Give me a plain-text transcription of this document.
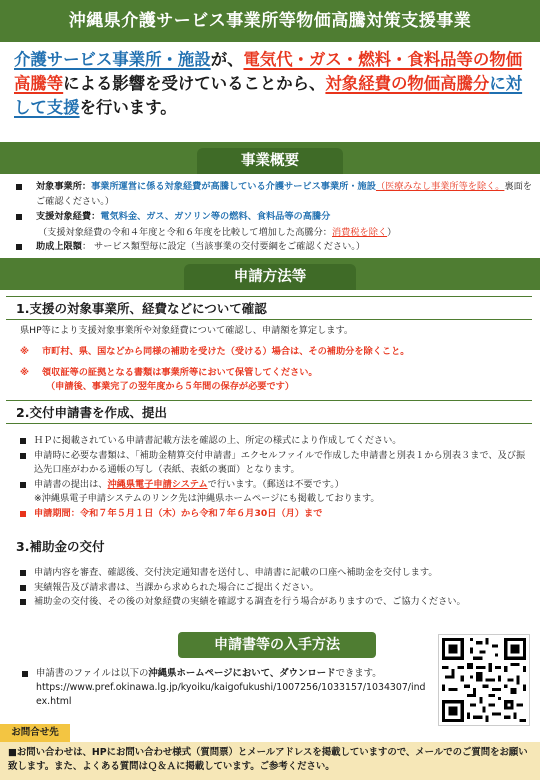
沖縄県介護サービス事業所等物価高騰対策支援事業
介護サービス事業所・施設が、電気代・ガス・燃料・食料品等の物価高騰等による影響を受けていることから、対象経費の物価高騰分に対して支援を行います。
事業概要
対象事業所：事業所運営に係る対象経費が高騰している介護サービス事業所・施設（医療みなし事業所等を除く。裏面をご確認ください。）
支援対象経費：電気料金、ガス、ガソリン等の燃料、食料品等の高騰分
（支援対象経費の令和４年度と令和６年度を比較して増加した高騰分：消費税を除く）
助成上限額： サービス類型毎に設定（当該事業の交付要綱をご確認ください。）
申請方法等
1.支援の対象事業所、経費などについて確認
県HP等により支援対象事業所や対象経費について確認し、申請額を算定します。
※ 市町村、県、国などから同様の補助を受けた（受ける）場合は、その補助分を除くこと。
※ 領収証等の証拠となる書類は事業所等において保管してください。
（申請後、事業完了の翌年度から５年間の保存が必要です）
2.交付申請書を作成、提出
ＨＰに掲載されている申請書記載方法を確認の上、所定の様式により作成してください。
申請時に必要な書類は、「補助金精算交付申請書」エクセルファイルで作成した申請書と別表１から別表３まで、及び振込先口座がわかる通帳の写し（表紙、表紙の裏面）となります。
申請書の提出は、沖縄県電子申請システムで行います。（郵送は不要です。）
※沖縄県電子申請システムのリンク先は沖縄県ホームページにも掲載しております。
申請期間：令和７年５月１日（木）から令和７年６月30日（月）まで
3.補助金の交付
申請内容を審査、確認後、交付決定通知書を送付し、申請書に記載の口座へ補助金を交付します。
実績報告及び請求書は、当課から求められた場合にご提出ください。
補助金の交付後、その後の対象経費の実績を確認する調査を行う場合がありますので、ご協力ください。
申請書等の入手方法
申請書のファイルは以下の沖縄県ホームページにおいて、ダウンロードできます。
https://www.pref.okinawa.lg.jp/kyoiku/kaigofukushi/1007256/1033157/1034307/index.html
お問合せ先
■お問い合わせは、HPにお問い合わせ様式（質問票）とメールアドレスを掲載していますので、メールでのご質問をお願い致します。また、よくある質問はＱ＆Ａに掲載しています。ご参考ください。
